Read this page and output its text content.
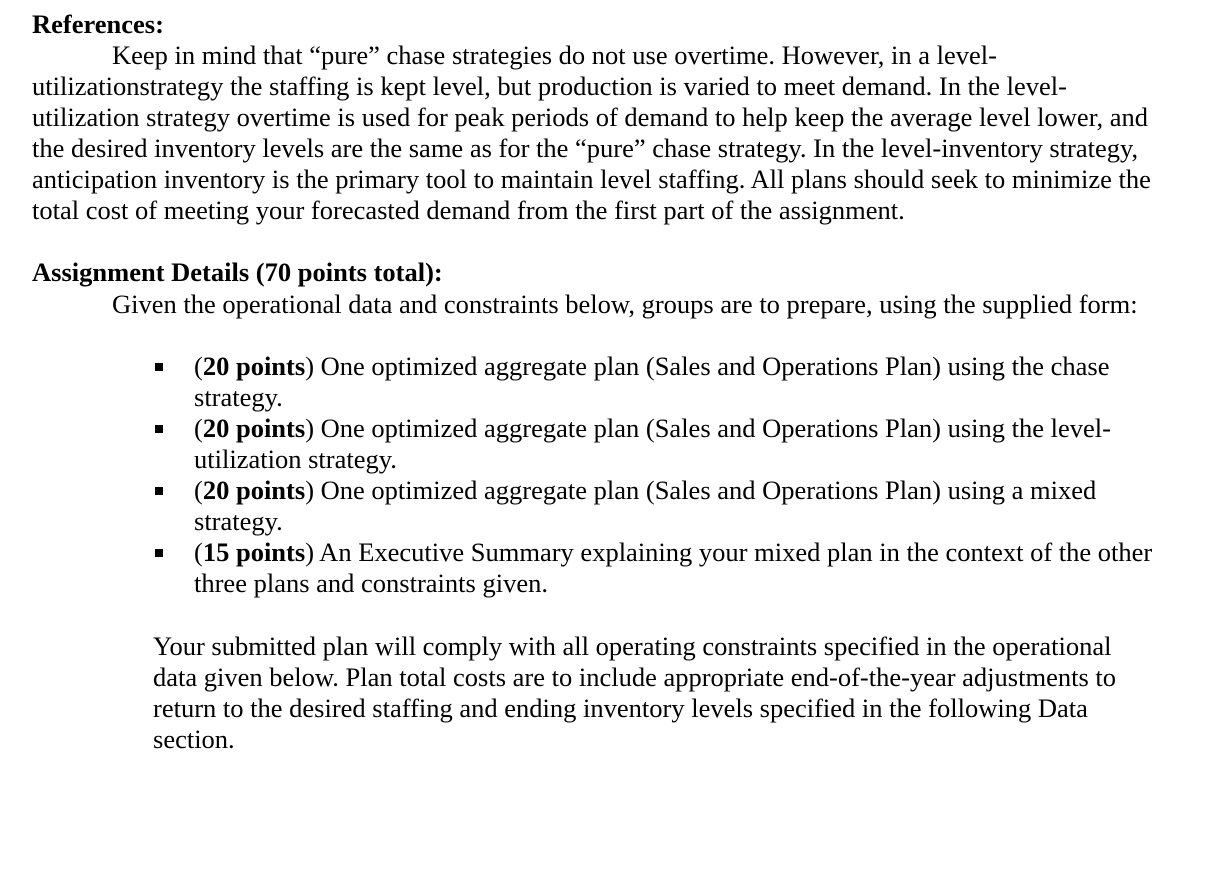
References:
Keep in mind that “pure” chase strategies do not use overtime. However, in a level-
utilizationstrategy the staffing is kept level, but production is varied to meet demand. In the level-
utilization strategy overtime is used for peak periods of demand to help keep the average level lower, and
the desired inventory levels are the same as for the “pure” chase strategy. In the level-inventory strategy,
anticipation inventory is the primary tool to maintain level staffing. All plans should seek to minimize the
total cost of meeting your forecasted demand from the first part of the assignment.
Assignment Details (70 points total):
Given the operational data and constraints below, groups are to prepare, using the supplied form:
(20 points) One optimized aggregate plan (Sales and Operations Plan) using the chase
strategy.
(20 points) One optimized aggregate plan (Sales and Operations Plan) using the level-
utilization strategy.
(20 points) One optimized aggregate plan (Sales and Operations Plan) using a mixed
strategy.
(15 points) An Executive Summary explaining your mixed plan in the context of the other
three plans and constraints given.
Your submitted plan will comply with all operating constraints specified in the operational
data given below. Plan total costs are to include appropriate end-of-the-year adjustments to
return to the desired staffing and ending inventory levels specified in the following Data
section.
